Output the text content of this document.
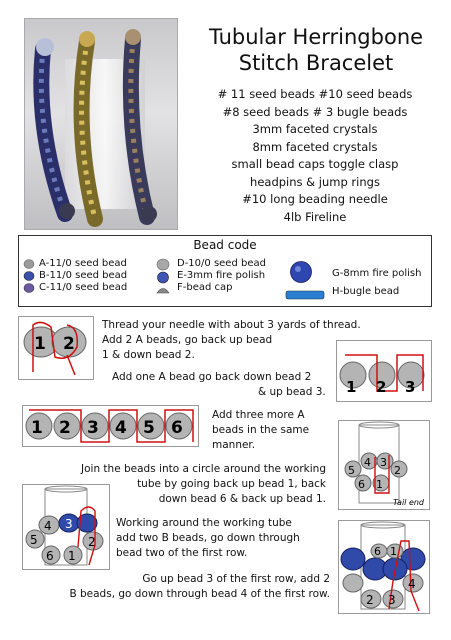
Tubular Herringbone
Stitch Bracelet
# 11 seed beads #10 seed beads
#8 seed beads # 3 bugle beads
3mm faceted crystals
8mm faceted crystals
small bead caps toggle clasp
headpins & jump rings
#10 long beading needle
4lb Fireline
Bead code
A-11/0 seed bead
B-11/0 seed bead
C-11/0 seed bead
D-10/0 seed bead
E-3mm fire polish
F-bead cap
G-8mm fire polish
H-bugle bead
1 2
Thread your needle with about 3 yards of thread.
Add 2 A beads, go back up bead
1 & down bead 2.
Add one A bead go back down bead 2
& up bead 3. 1 2 3
1 2 3 4 5 6
Add three more A
beads in the same
manner.
5
4 3
2
6 1
Tail end
Join the beads into a circle around the working
tube by going back up bead 1, back
down bead 6 & back up bead 1.
4 3
5	2
6 1
Working around the working tube
add two B beads, go down through
bead two of the first row.
Go up bead 3 of the first row, add 2
B beads, go down through bead 4 of the first row.
6 1
4
2 3
